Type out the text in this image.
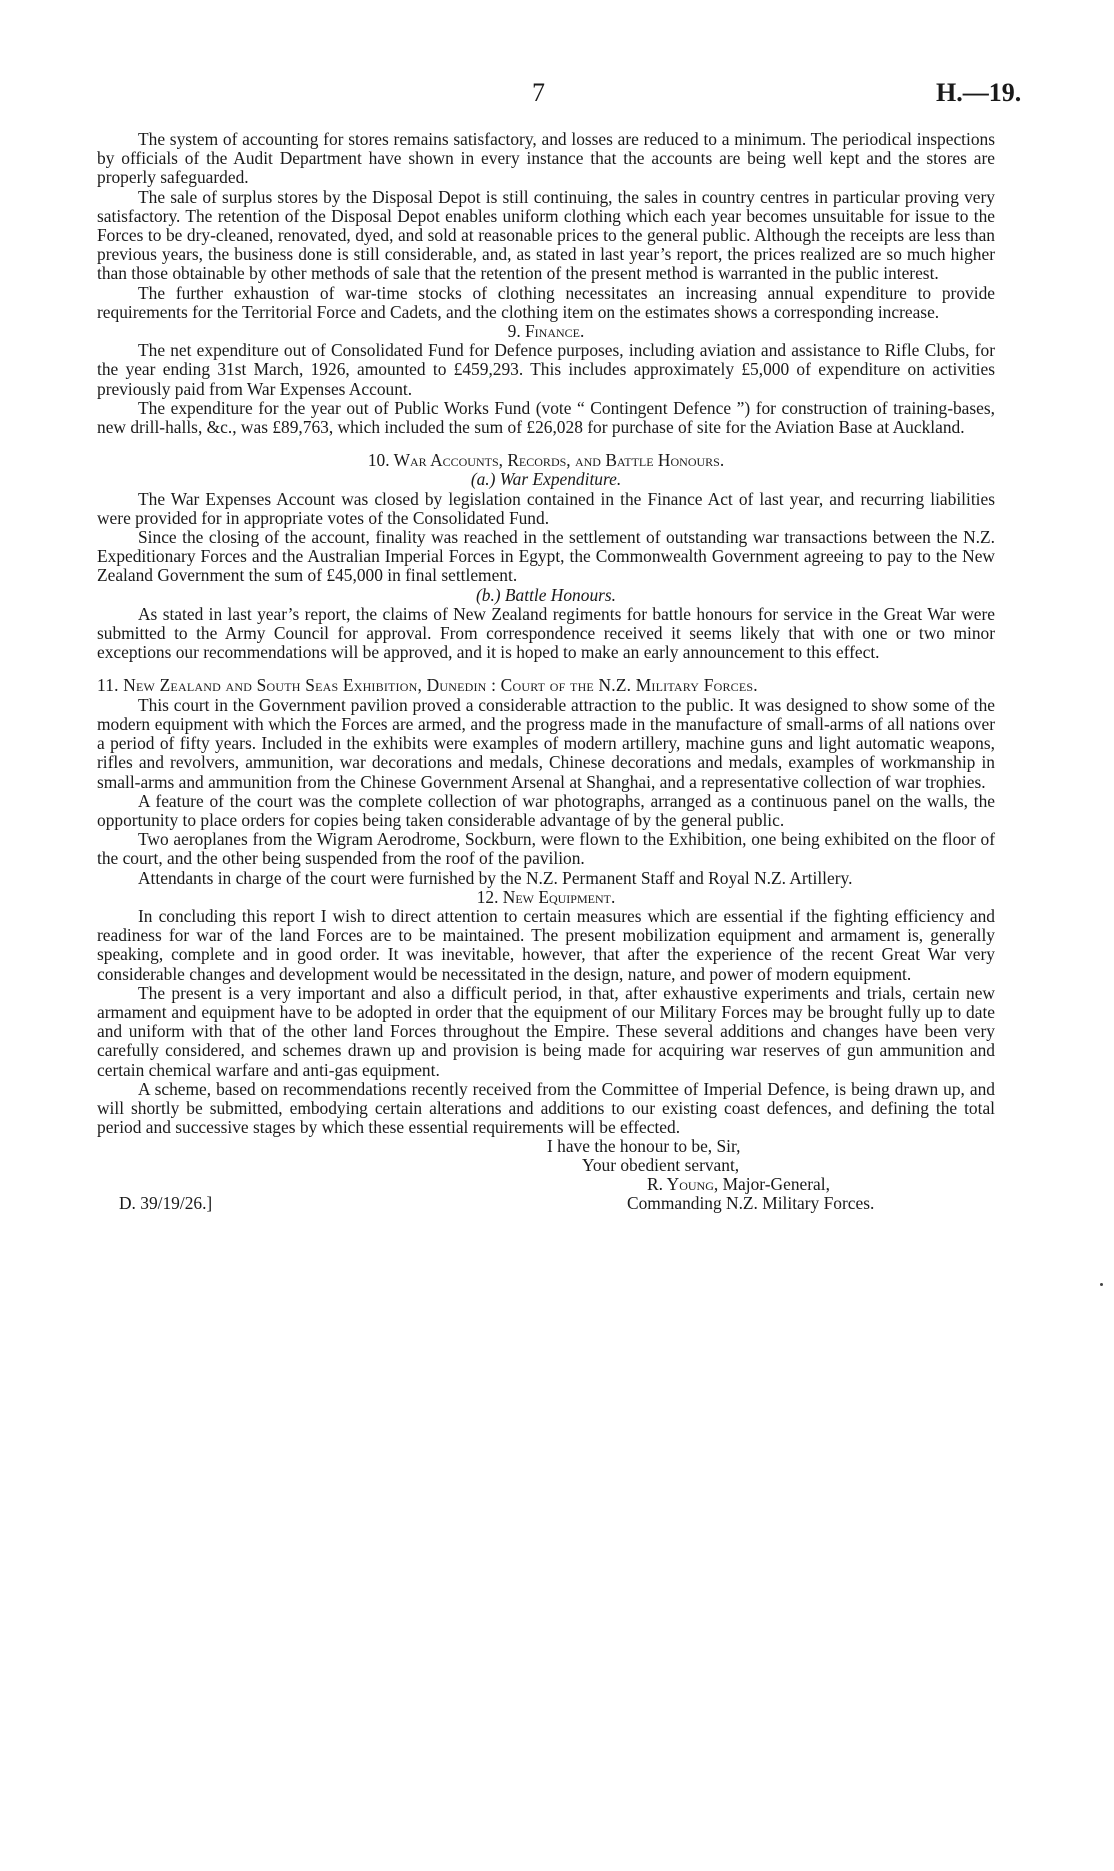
7	H.—19.

The system of accounting for stores remains satisfactory, and losses are reduced to a minimum. The periodical inspections by officials of the Audit Department have shown in every instance that the accounts are being well kept and the stores are properly safeguarded.

The sale of surplus stores by the Disposal Depot is still continuing, the sales in country centres in particular proving very satisfactory. The retention of the Disposal Depot enables uniform clothing which each year becomes unsuitable for issue to the Forces to be dry-cleaned, renovated, dyed, and sold at reasonable prices to the general public. Although the receipts are less than previous years, the business done is still considerable, and, as stated in last year’s report, the prices realized are so much higher than those obtainable by other methods of sale that the retention of the present method is warranted in the public interest.

The further exhaustion of war-time stocks of clothing necessitates an increasing annual expenditure to provide requirements for the Territorial Force and Cadets, and the clothing item on the estimates shows a corresponding increase.

9. Finance.

The net expenditure out of Consolidated Fund for Defence purposes, including aviation and assistance to Rifle Clubs, for the year ending 31st March, 1926, amounted to £459,293. This includes approximately £5,000 of expenditure on activities previously paid from War Expenses Account.

The expenditure for the year out of Public Works Fund (vote “ Contingent Defence ”) for construction of training-bases, new drill-halls, &c., was £89,763, which included the sum of £26,028 for purchase of site for the Aviation Base at Auckland.

10. War Accounts, Records, and Battle Honours.
(a.) War Expenditure.

The War Expenses Account was closed by legislation contained in the Finance Act of last year, and recurring liabilities were provided for in appropriate votes of the Consolidated Fund.

Since the closing of the account, finality was reached in the settlement of outstanding war transactions between the N.Z. Expeditionary Forces and the Australian Imperial Forces in Egypt, the Commonwealth Government agreeing to pay to the New Zealand Government the sum of £45,000 in final settlement.

(b.) Battle Honours.

As stated in last year’s report, the claims of New Zealand regiments for battle honours for service in the Great War were submitted to the Army Council for approval. From correspondence received it seems likely that with one or two minor exceptions our recommendations will be approved, and it is hoped to make an early announcement to this effect.

11. New Zealand and South Seas Exhibition, Dunedin : Court of the N.Z. Military Forces.

This court in the Government pavilion proved a considerable attraction to the public. It was designed to show some of the modern equipment with which the Forces are armed, and the progress made in the manufacture of small-arms of all nations over a period of fifty years. Included in the exhibits were examples of modern artillery, machine guns and light automatic weapons, rifles and revolvers, ammunition, war decorations and medals, Chinese decorations and medals, examples of workmanship in small-arms and ammunition from the Chinese Government Arsenal at Shanghai, and a representative collection of war trophies.

A feature of the court was the complete collection of war photographs, arranged as a continuous panel on the walls, the opportunity to place orders for copies being taken considerable advantage of by the general public.

Two aeroplanes from the Wigram Aerodrome, Sockburn, were flown to the Exhibition, one being exhibited on the floor of the court, and the other being suspended from the roof of the pavilion.

Attendants in charge of the court were furnished by the N.Z. Permanent Staff and Royal N.Z. Artillery.

12. New Equipment.

In concluding this report I wish to direct attention to certain measures which are essential if the fighting efficiency and readiness for war of the land Forces are to be maintained. The present mobilization equipment and armament is, generally speaking, complete and in good order. It was inevitable, however, that after the experience of the recent Great War very considerable changes and development would be necessitated in the design, nature, and power of modern equipment.

The present is a very important and also a difficult period, in that, after exhaustive experiments and trials, certain new armament and equipment have to be adopted in order that the equipment of our Military Forces may be brought fully up to date and uniform with that of the other land Forces throughout the Empire. These several additions and changes have been very carefully considered, and schemes drawn up and provision is being made for acquiring war reserves of gun ammunition and certain chemical warfare and anti-gas equipment.

A scheme, based on recommendations recently received from the Committee of Imperial Defence, is being drawn up, and will shortly be submitted, embodying certain alterations and additions to our existing coast defences, and defining the total period and successive stages by which these essential requirements will be effected.

I have the honour to be, Sir,
Your obedient servant,
R. Young, Major-General,
D. 39/19/26.]	Commanding N.Z. Military Forces.
